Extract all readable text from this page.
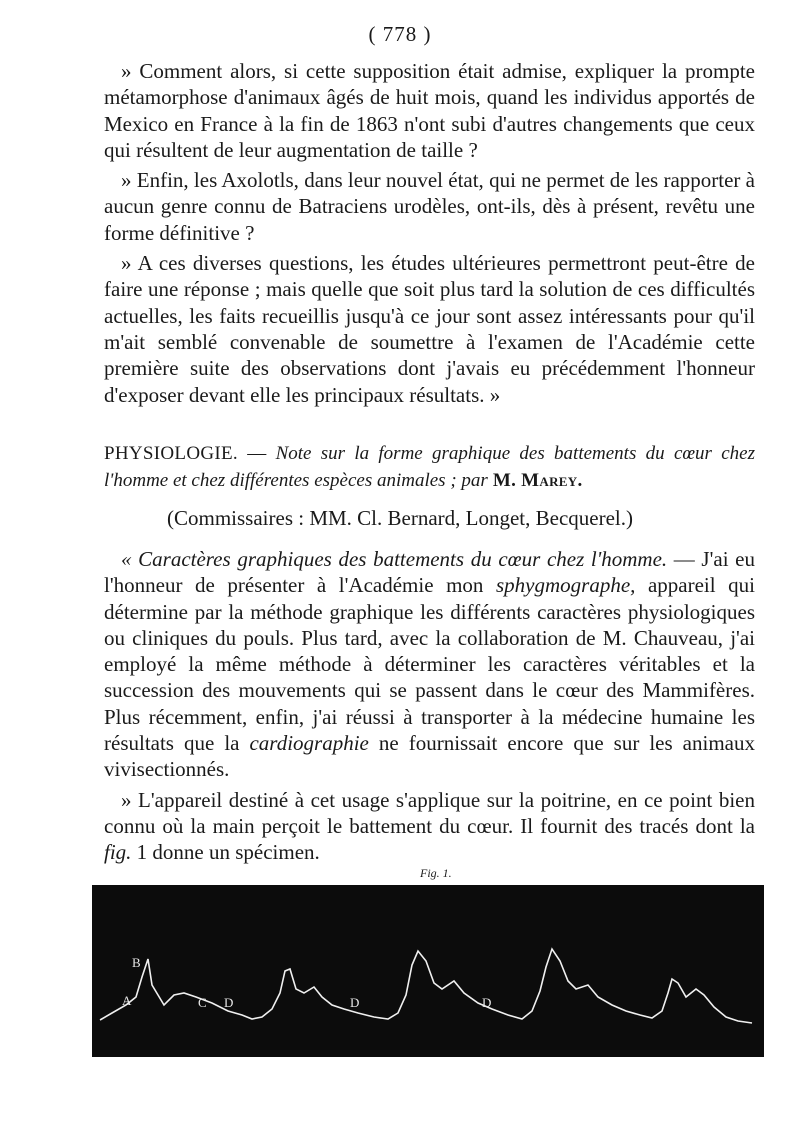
( 778 )

» Comment alors, si cette supposition était admise, expliquer la prompte métamorphose d'animaux âgés de huit mois, quand les individus apportés de Mexico en France à la fin de 1863 n'ont subi d'autres changements que ceux qui résultent de leur augmentation de taille ?

» Enfin, les Axolotls, dans leur nouvel état, qui ne permet de les rapporter à aucun genre connu de Batraciens urodèles, ont-ils, dès à présent, revêtu une forme définitive ?

» A ces diverses questions, les études ultérieures permettront peut-être de faire une réponse ; mais quelle que soit plus tard la solution de ces difficultés actuelles, les faits recueillis jusqu'à ce jour sont assez intéressants pour qu'il m'ait semblé convenable de soumettre à l'examen de l'Académie cette première suite des observations dont j'avais eu précédemment l'honneur d'exposer devant elle les principaux résultats. »

PHYSIOLOGIE. — Note sur la forme graphique des battements du cœur chez l'homme et chez différentes espèces animales ; par M. Marey.

(Commissaires : MM. Cl. Bernard, Longet, Becquerel.)

« Caractères graphiques des battements du cœur chez l'homme. — J'ai eu l'honneur de présenter à l'Académie mon sphygmographe, appareil qui détermine par la méthode graphique les différents caractères physiologiques ou cliniques du pouls. Plus tard, avec la collaboration de M. Chauveau, j'ai employé la même méthode à déterminer les caractères véritables et la succession des mouvements qui se passent dans le cœur des Mammifères. Plus récemment, enfin, j'ai réussi à transporter à la médecine humaine les résultats que la cardiographie ne fournissait encore que sur les animaux vivisectionnés.

» L'appareil destiné à cet usage s'applique sur la poitrine, en ce point bien connu où la main perçoit le battement du cœur. Il fournit des tracés dont la fig. 1 donne un spécimen.

Fig. 1.
B
A	C D	D	D
